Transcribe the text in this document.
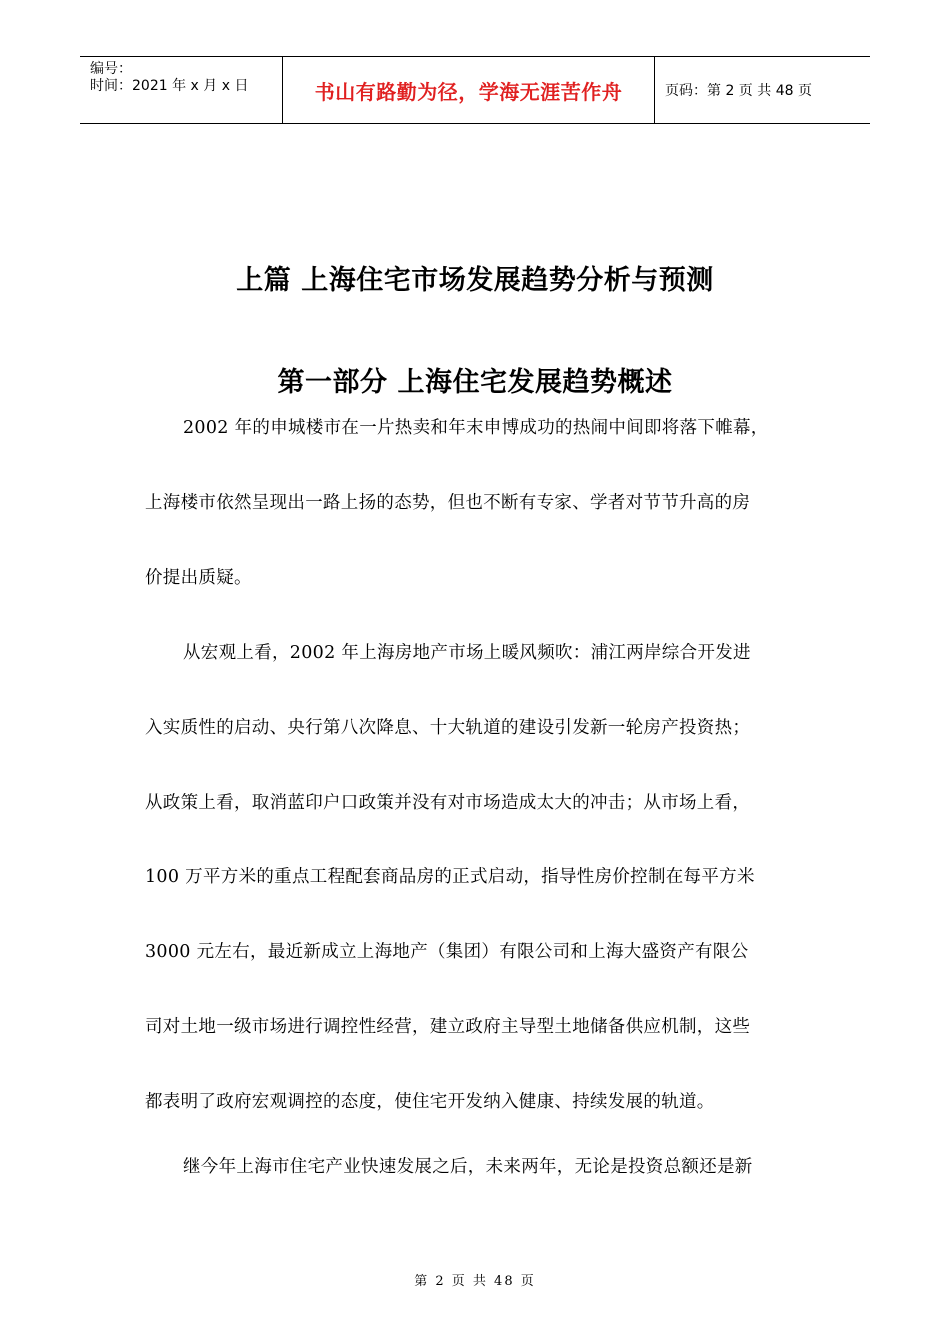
编号：
时间：2021 年 x 月 x 日	书山有路勤为径，学海无涯苦作舟	页码：第 2 页 共 48 页
上篇 上海住宅市场发展趋势分析与预测
第一部分 上海住宅发展趋势概述
2002 年的申城楼市在一片热卖和年末申博成功的热闹中间即将落下帷幕，
上海楼市依然呈现出一路上扬的态势，但也不断有专家、学者对节节升高的房
价提出质疑。
从宏观上看，2002 年上海房地产市场上暖风频吹：浦江两岸综合开发进
入实质性的启动、央行第八次降息、十大轨道的建设引发新一轮房产投资热；
从政策上看，取消蓝印户口政策并没有对市场造成太大的冲击；从市场上看，
100 万平方米的重点工程配套商品房的正式启动，指导性房价控制在每平方米
3000 元左右，最近新成立上海地产（集团）有限公司和上海大盛资产有限公
司对土地一级市场进行调控性经营，建立政府主导型土地储备供应机制，这些
都表明了政府宏观调控的态度，使住宅开发纳入健康、持续发展的轨道。
继今年上海市住宅产业快速发展之后，未来两年，无论是投资总额还是新
第 2 页 共 48 页
